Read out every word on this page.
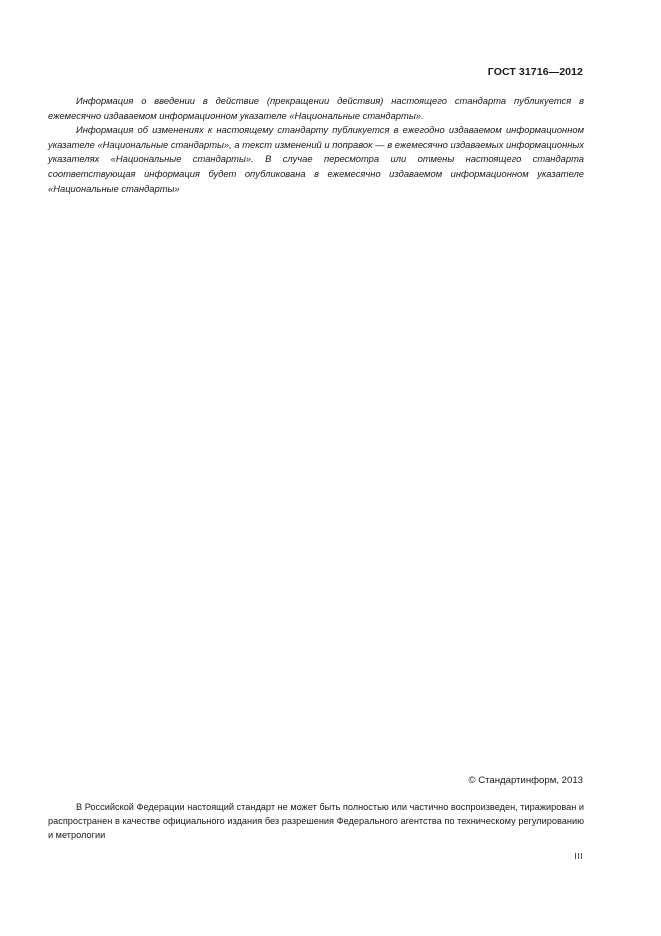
ГОСТ 31716—2012

Информация о введении в действие (прекращении действия) настоящего стандарта публикуется в ежемесячно издаваемом информационном указателе «Национальные стандарты».

Информация об изменениях к настоящему стандарту публикуется в ежегодно издаваемом информационном указателе «Национальные стандарты», а текст изменений и поправок — в ежемесячно издаваемых информационных указателях «Национальные стандарты». В случае пересмотра или отмены настоящего стандарта соответствующая информация будет опубликована в ежемесячно издаваемом информационном указателе «Национальные стандарты»

© Стандартинформ, 2013

В Российской Федерации настоящий стандарт не может быть полностью или частично воспроизведен, тиражирован и распространен в качестве официального издания без разрешения Федерального агентства по техническому регулированию и метрологии

III
